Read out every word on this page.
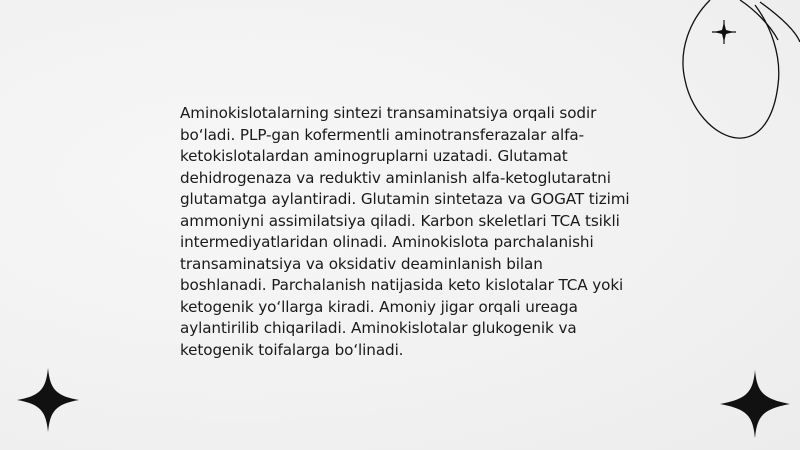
Aminokislotalarning sintezi transaminatsiya orqali sodir bo‘ladi. PLP-gan kofermentli aminotransferazalar alfa-ketokislotalardan aminogruplarni uzatadi. Glutamat dehidrogenaza va reduktiv aminlanish alfa-ketoglutaratni glutamatga aylantiradi. Glutamin sintetaza va GOGAT tizimi ammoniyni assimilatsiya qiladi. Karbon skeletlari TCA tsikli intermediyatlaridan olinadi. Aminokislota parchalanishi transaminatsiya va oksidativ deaminlanish bilan boshlanadi. Parchalanish natijasida keto kislotalar TCA yoki ketogenik yo‘llarga kiradi. Amoniy jigar orqali ureaga aylantirilib chiqariladi. Aminokislotalar glukogenik va ketogenik toifalarga bo‘linadi.
